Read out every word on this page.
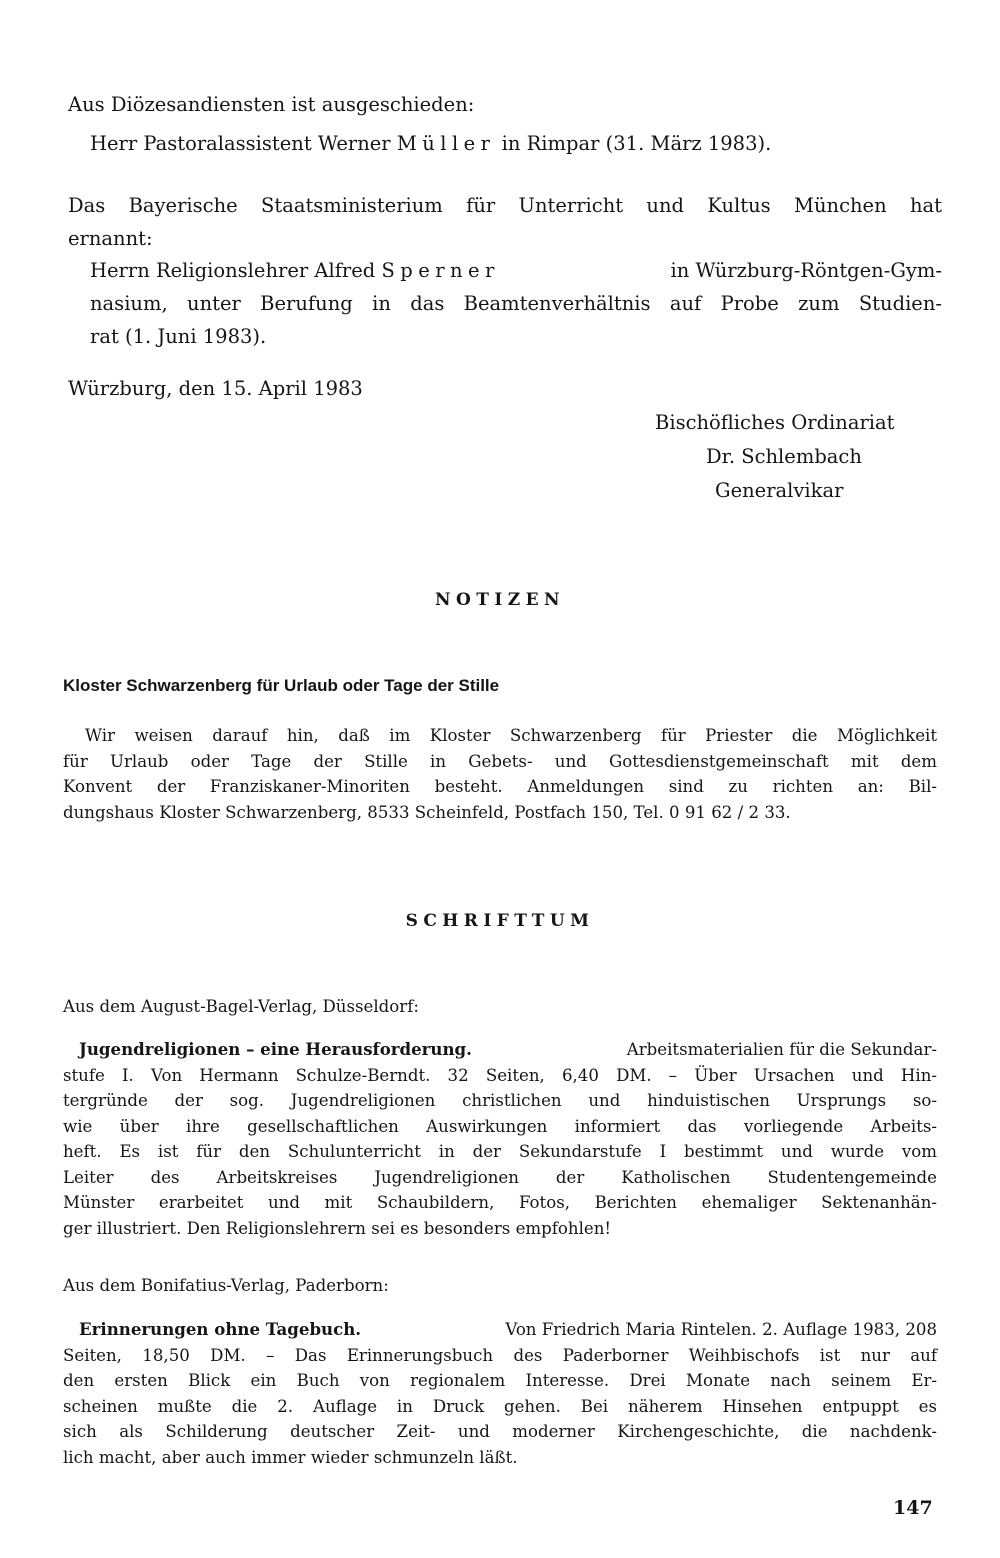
Aus Diözesandiensten ist ausgeschieden:
Herr Pastoralassistent Werner Müller in Rimpar (31. März 1983).
Das Bayerische Staatsministerium für Unterricht und Kultus München hat
ernannt:
Herrn Religionslehrer Alfred Sperner	in Würzburg-Röntgen-Gym-
nasium, unter Berufung in das Beamtenverhältnis auf Probe zum Studien-
rat (1. Juni 1983).
Würzburg, den 15. April 1983
Bischöfliches Ordinariat
Dr. Schlembach
Generalvikar
NOTIZEN
Kloster Schwarzenberg für Urlaub oder Tage der Stille
Wir weisen darauf hin, daß im Kloster Schwarzenberg für Priester die Möglichkeit
für Urlaub oder Tage der Stille in Gebets- und Gottesdienstgemeinschaft mit dem
Konvent der Franziskaner-Minoriten besteht. Anmeldungen sind zu richten an: Bil-
dungshaus Kloster Schwarzenberg, 8533 Scheinfeld, Postfach 150, Tel. 0 91 62 / 2 33.
SCHRIFTTUM
Aus dem August-Bagel-Verlag, Düsseldorf:
Jugendreligionen – eine Herausforderung.	Arbeitsmaterialien für die Sekundar-
stufe I. Von Hermann Schulze-Berndt. 32 Seiten, 6,40 DM. – Über Ursachen und Hin-
tergründe der sog. Jugendreligionen christlichen und hinduistischen Ursprungs so-
wie über ihre gesellschaftlichen Auswirkungen informiert das vorliegende Arbeits-
heft. Es ist für den Schulunterricht in der Sekundarstufe I bestimmt und wurde vom
Leiter des Arbeitskreises Jugendreligionen der Katholischen Studentengemeinde
Münster erarbeitet und mit Schaubildern, Fotos, Berichten ehemaliger Sektenanhän-
ger illustriert. Den Religionslehrern sei es besonders empfohlen!
Aus dem Bonifatius-Verlag, Paderborn:
Erinnerungen ohne Tagebuch.	Von Friedrich Maria Rintelen. 2. Auflage 1983, 208
Seiten, 18,50 DM. – Das Erinnerungsbuch des Paderborner Weihbischofs ist nur auf
den ersten Blick ein Buch von regionalem Interesse. Drei Monate nach seinem Er-
scheinen mußte die 2. Auflage in Druck gehen. Bei näherem Hinsehen entpuppt es
sich als Schilderung deutscher Zeit- und moderner Kirchengeschichte, die nachdenk-
lich macht, aber auch immer wieder schmunzeln läßt.
147
